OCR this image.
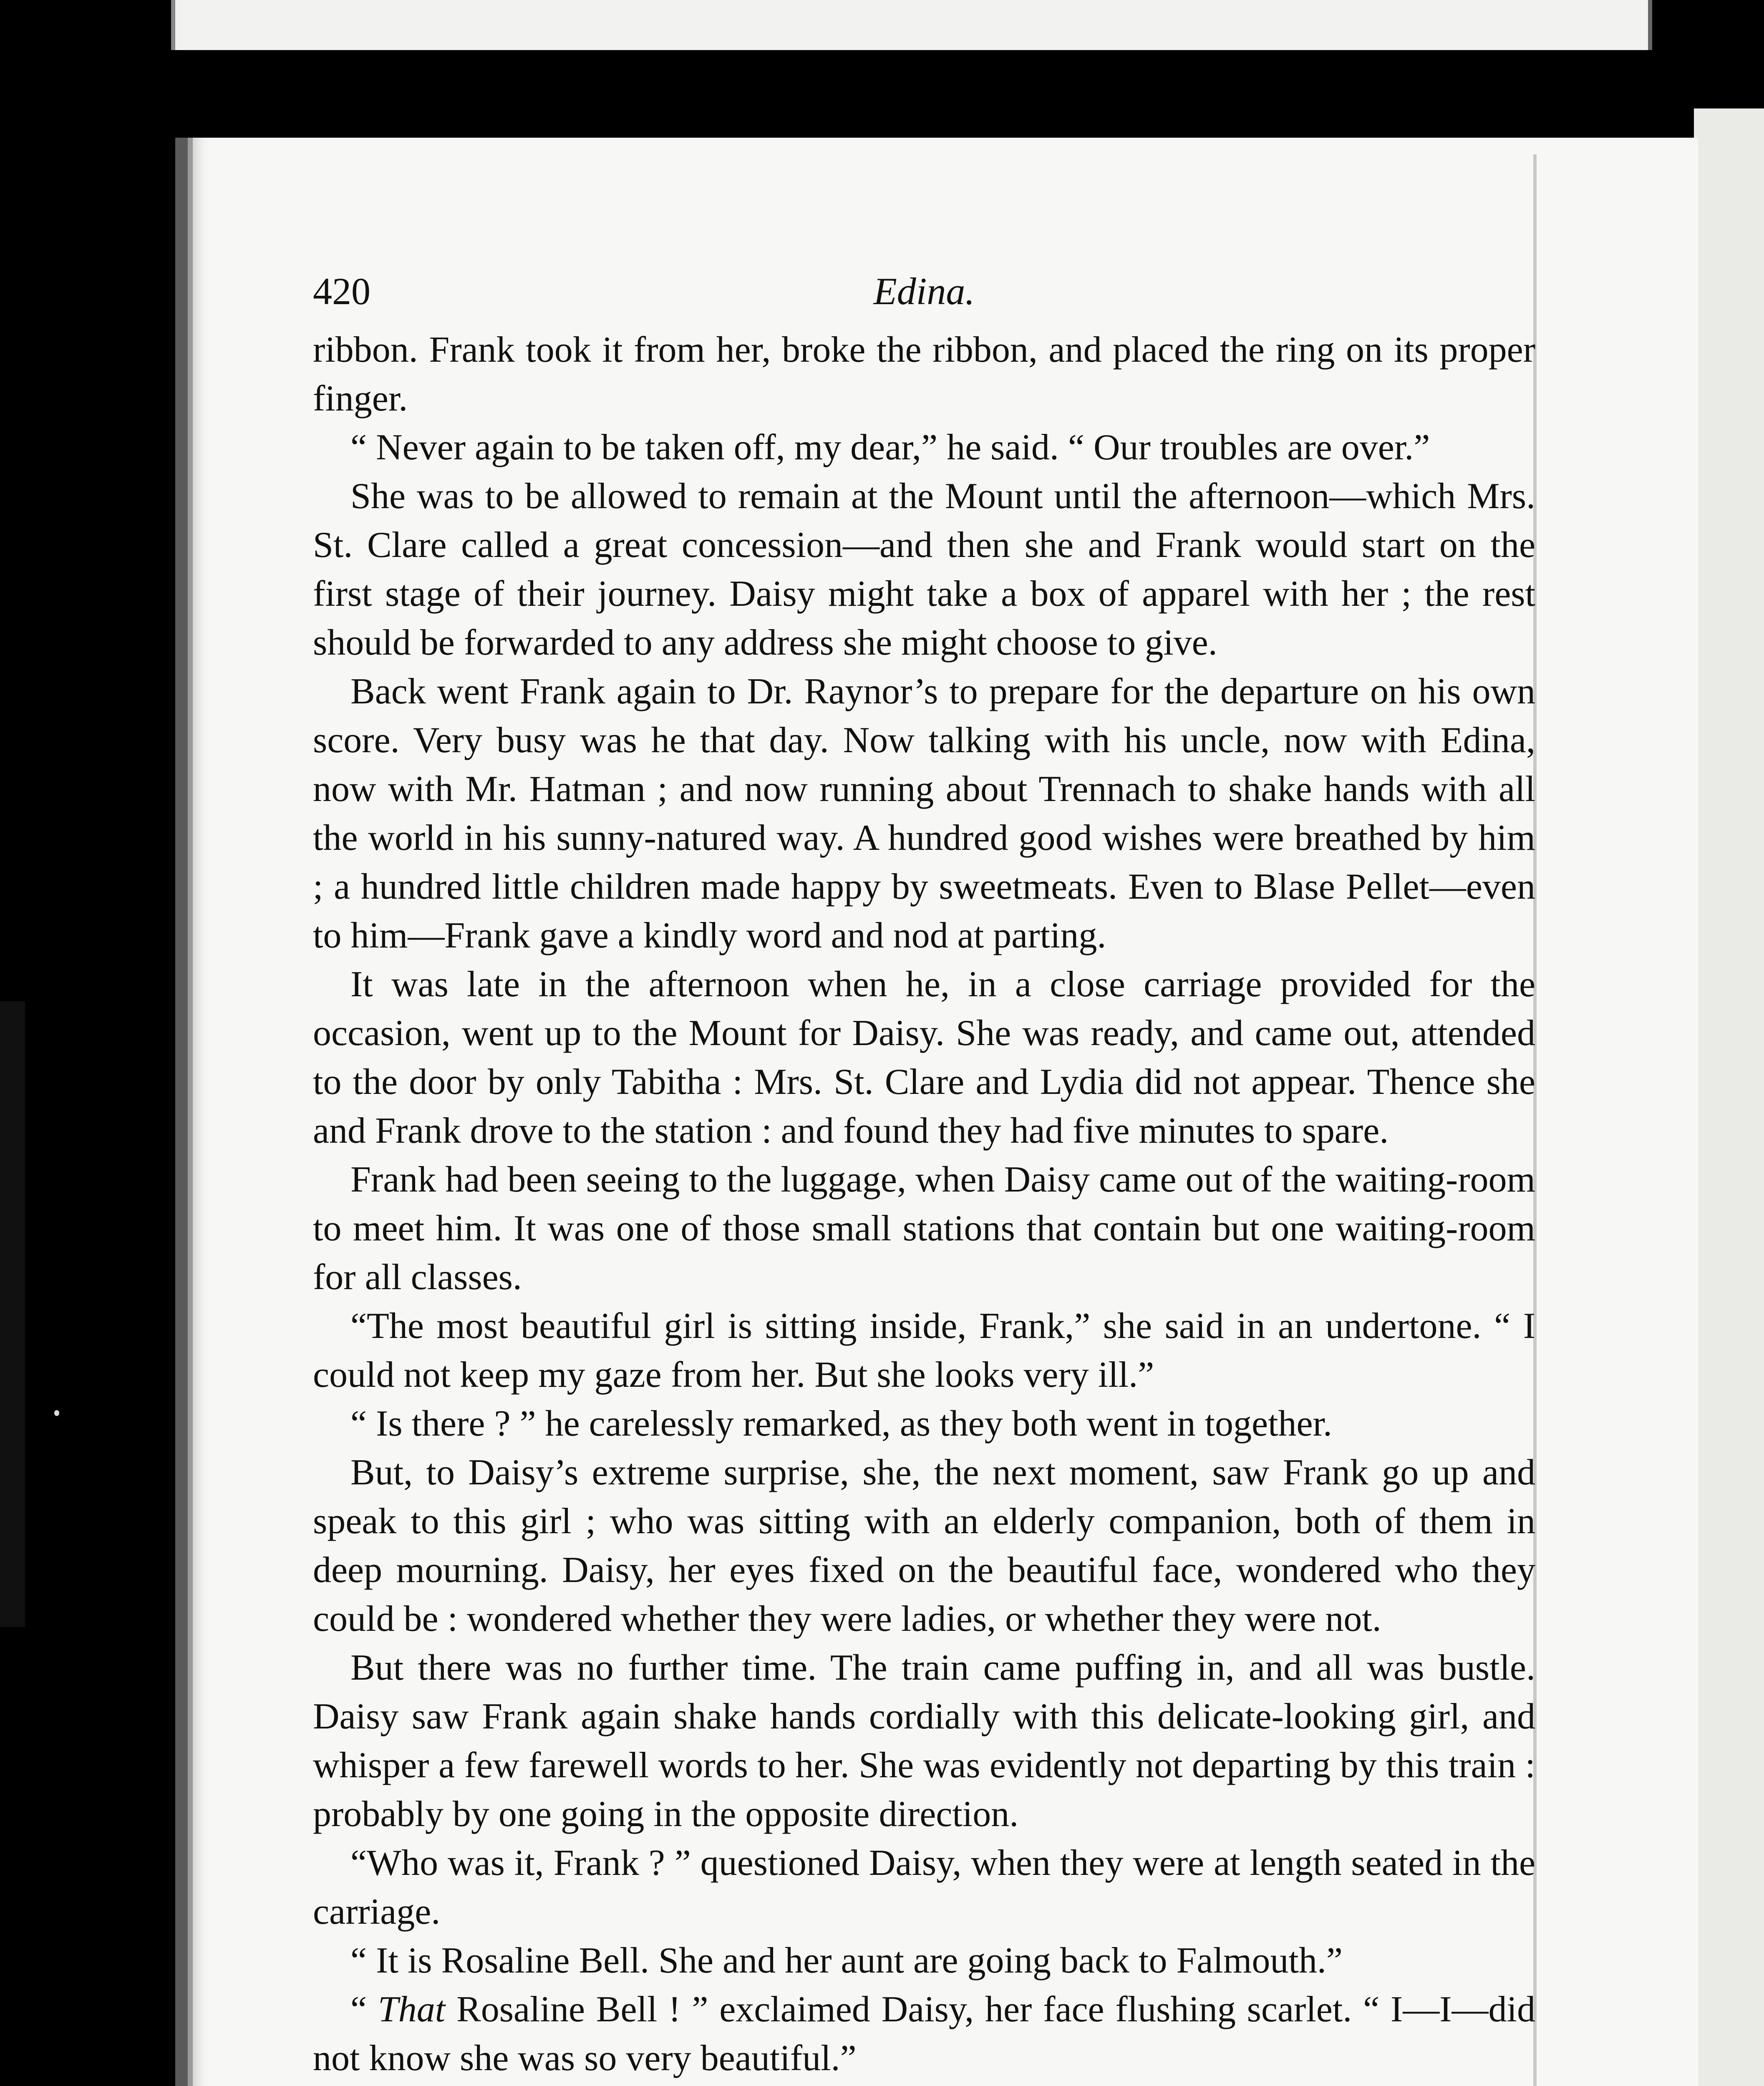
420	Edina.

ribbon. Frank took it from her, broke the ribbon, and placed the ring on its proper finger.

“ Never again to be taken off, my dear,” he said. “ Our troubles are over.”

She was to be allowed to remain at the Mount until the afternoon—which Mrs. St. Clare called a great concession—and then she and Frank would start on the first stage of their journey. Daisy might take a box of apparel with her ; the rest should be forwarded to any address she might choose to give.

Back went Frank again to Dr. Raynor’s to prepare for the departure on his own score. Very busy was he that day. Now talking with his uncle, now with Edina, now with Mr. Hatman ; and now running about Trennach to shake hands with all the world in his sunny-natured way. A hundred good wishes were breathed by him ; a hundred little children made happy by sweetmeats. Even to Blase Pellet—even to him—Frank gave a kindly word and nod at parting.

It was late in the afternoon when he, in a close carriage provided for the occasion, went up to the Mount for Daisy. She was ready, and came out, attended to the door by only Tabitha : Mrs. St. Clare and Lydia did not appear. Thence she and Frank drove to the station : and found they had five minutes to spare.

Frank had been seeing to the luggage, when Daisy came out of the waiting-room to meet him. It was one of those small stations that contain but one waiting-room for all classes.

“The most beautiful girl is sitting inside, Frank,” she said in an undertone. “ I could not keep my gaze from her. But she looks very ill.”

“ Is there ? ” he carelessly remarked, as they both went in together.

But, to Daisy’s extreme surprise, she, the next moment, saw Frank go up and speak to this girl ; who was sitting with an elderly companion, both of them in deep mourning. Daisy, her eyes fixed on the beautiful face, wondered who they could be : wondered whether they were ladies, or whether they were not.

But there was no further time. The train came puffing in, and all was bustle. Daisy saw Frank again shake hands cordially with this delicate-looking girl, and whisper a few farewell words to her. She was evidently not departing by this train : probably by one going in the opposite direction.

“Who was it, Frank ? ” questioned Daisy, when they were at length seated in the carriage.

“ It is Rosaline Bell. She and her aunt are going back to Falmouth.”

“ That Rosaline Bell ! ” exclaimed Daisy, her face flushing scarlet. “ I—I—did not know she was so very beautiful.”
